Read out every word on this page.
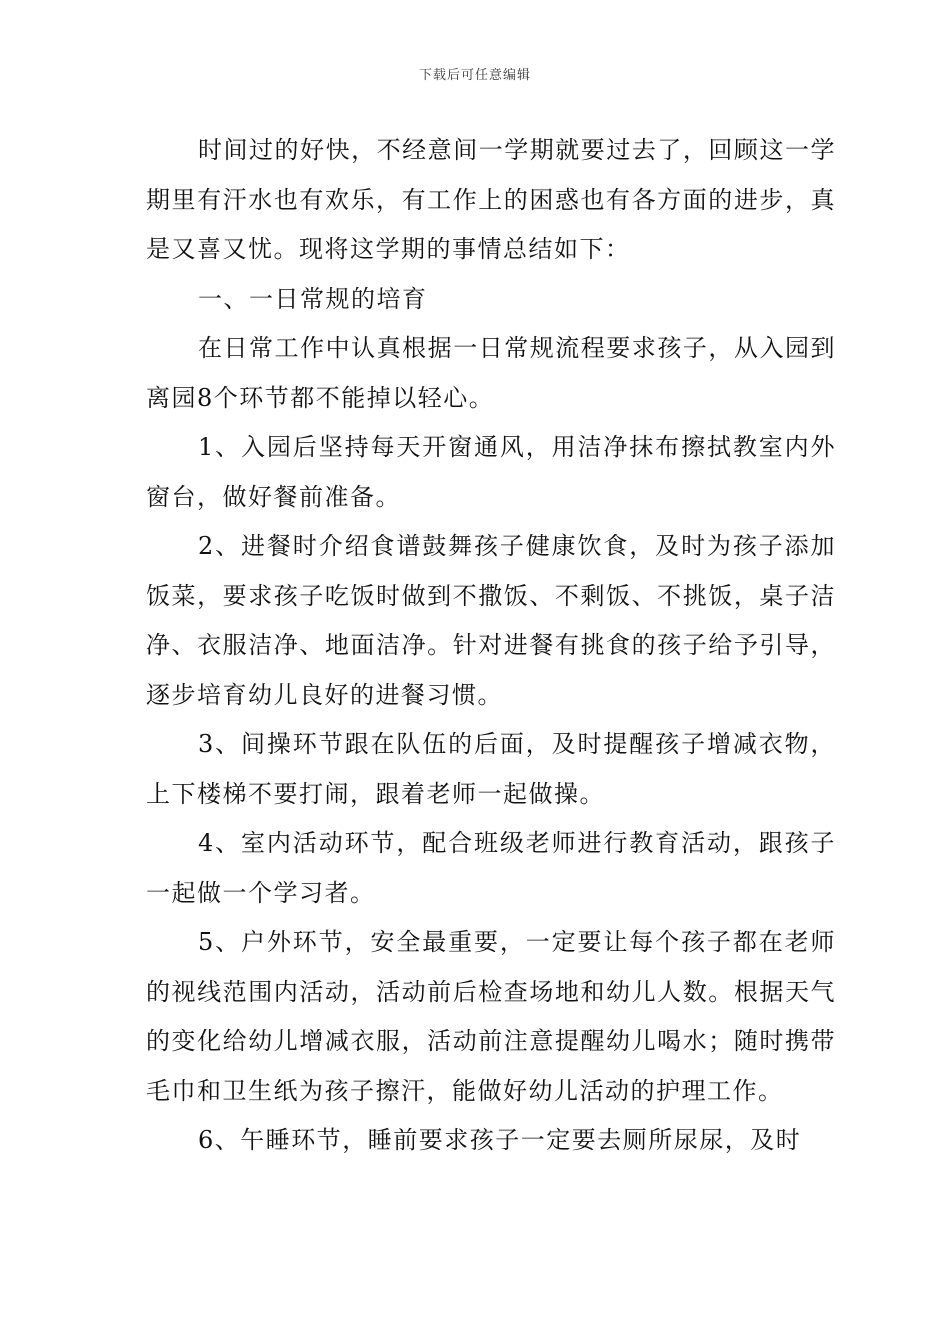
下载后可任意编辑

时间过的好快，不经意间一学期就要过去了，回顾这一学期里有汗水也有欢乐，有工作上的困惑也有各方面的进步，真是又喜又忧。现将这学期的事情总结如下：

一、一日常规的培育

在日常工作中认真根据一日常规流程要求孩子，从入园到离园8个环节都不能掉以轻心。

1、入园后坚持每天开窗通风，用洁净抹布擦拭教室内外窗台，做好餐前准备。

2、进餐时介绍食谱鼓舞孩子健康饮食，及时为孩子添加饭菜，要求孩子吃饭时做到不撒饭、不剩饭、不挑饭，桌子洁净、衣服洁净、地面洁净。针对进餐有挑食的孩子给予引导，逐步培育幼儿良好的进餐习惯。

3、间操环节跟在队伍的后面，及时提醒孩子增减衣物，上下楼梯不要打闹，跟着老师一起做操。

4、室内活动环节，配合班级老师进行教育活动，跟孩子一起做一个学习者。

5、户外环节，安全最重要，一定要让每个孩子都在老师的视线范围内活动，活动前后检查场地和幼儿人数。根据天气的变化给幼儿增减衣服，活动前注意提醒幼儿喝水；随时携带毛巾和卫生纸为孩子擦汗，能做好幼儿活动的护理工作。

6、午睡环节，睡前要求孩子一定要去厕所尿尿，及时
